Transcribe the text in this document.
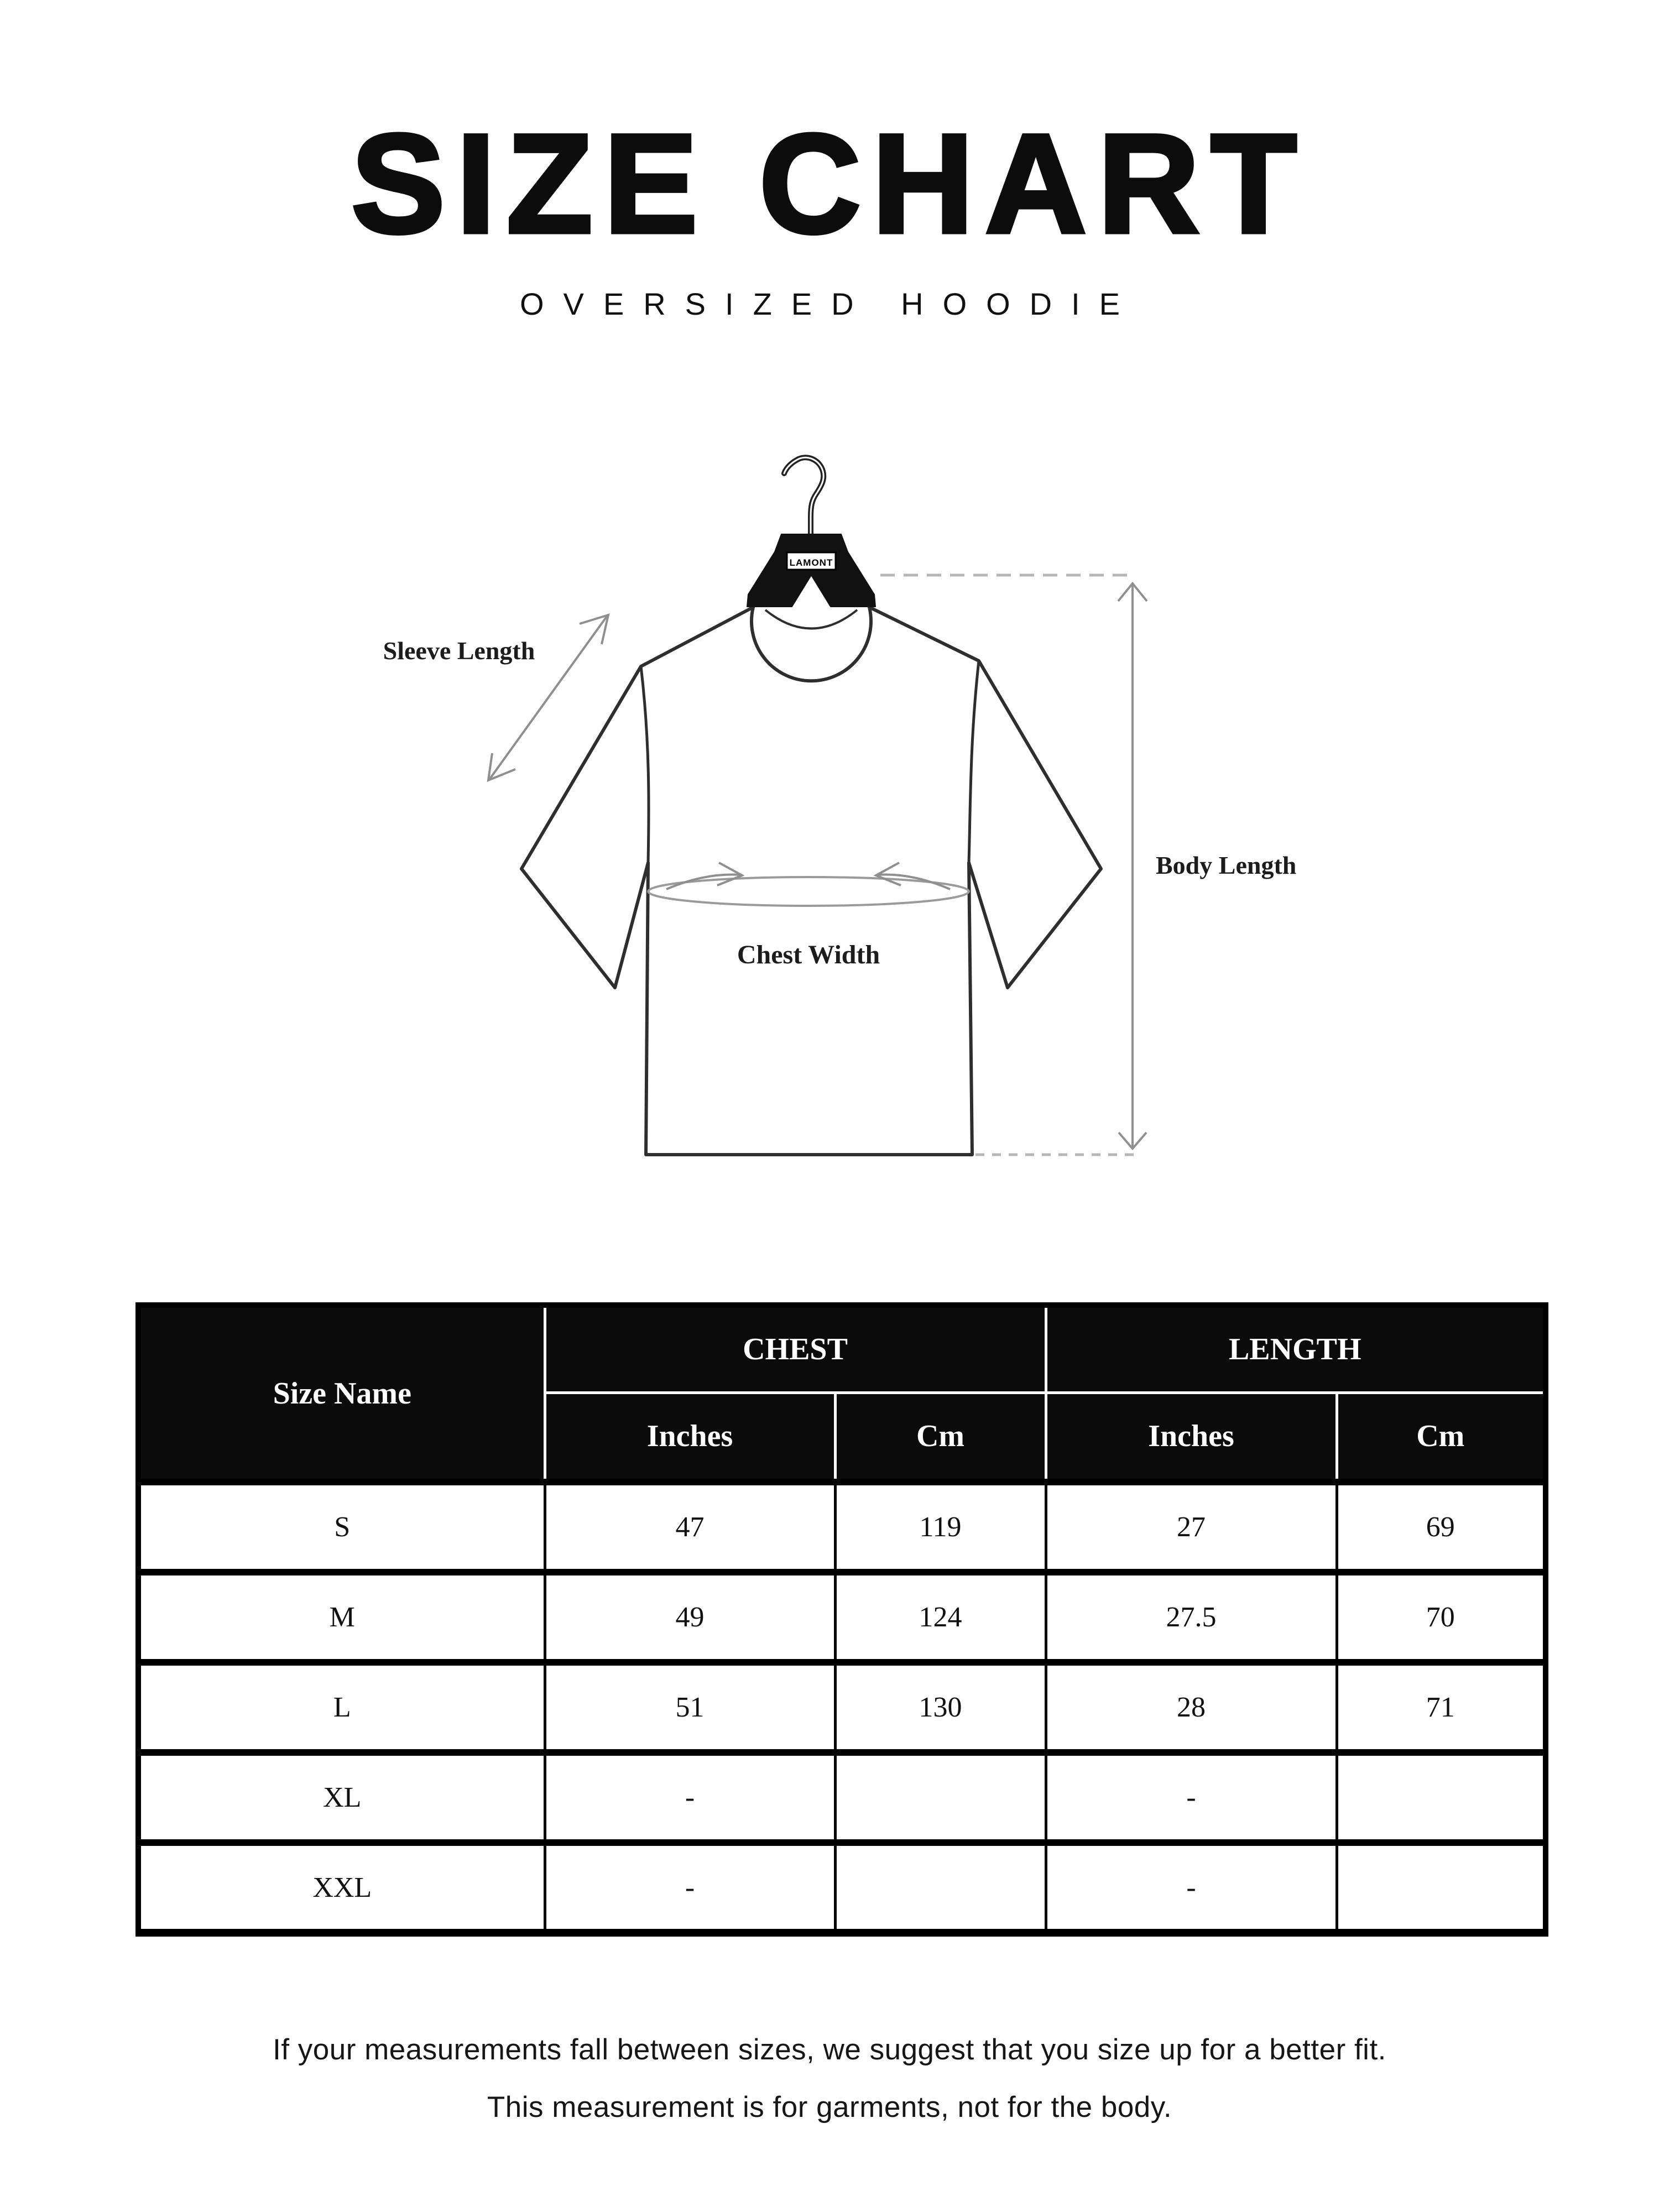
SIZE CHART
OVERSIZED HOODIE
LAMONT
Body Length
Sleeve Length
Chest Width
Size Name	CHEST		LENGTH	
	Inches	Cm	Inches	Cm
S	47	119	27	69
M	49	124	27.5	70
L	51	130	28	71
XL	-		-	
XXL	-		-	
If your measurements fall between sizes, we suggest that you size up for a better fit.
This measurement is for garments, not for the body.
